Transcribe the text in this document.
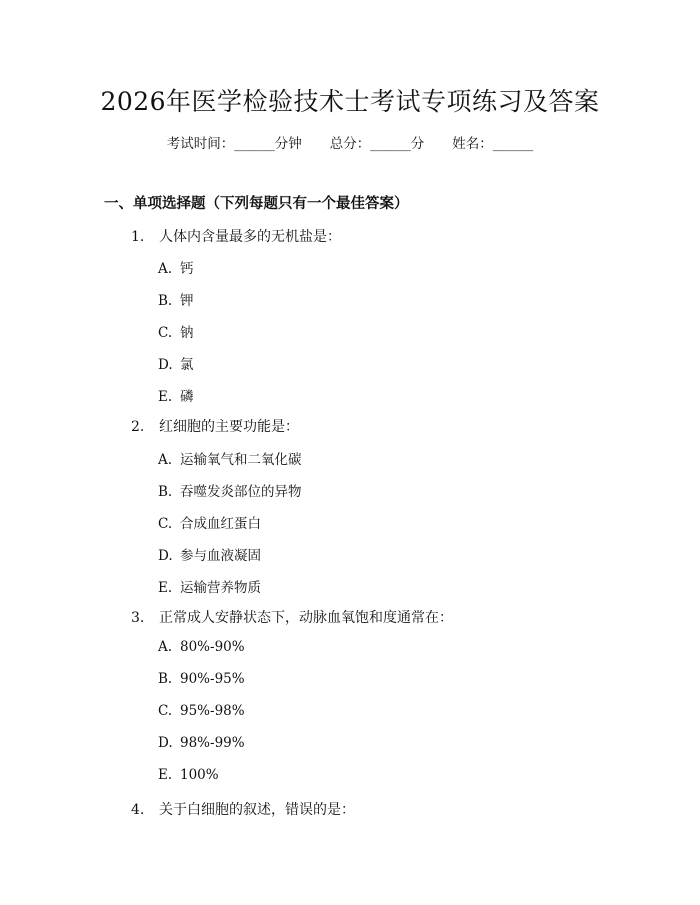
2026年医学检验技术士考试专项练习及答案
考试时间：______分钟 总分：______分 姓名：______
一、单项选择题（下列每题只有一个最佳答案）
1. 人体内含量最多的无机盐是：
A. 钙
B. 钾
C. 钠
D. 氯
E. 磷
2. 红细胞的主要功能是：
A. 运输氧气和二氧化碳
B. 吞噬发炎部位的异物
C. 合成血红蛋白
D. 参与血液凝固
E. 运输营养物质
3. 正常成人安静状态下，动脉血氧饱和度通常在：
A. 80%-90%
B. 90%-95%
C. 95%-98%
D. 98%-99%
E. 100%
4. 关于白细胞的叙述，错误的是：
